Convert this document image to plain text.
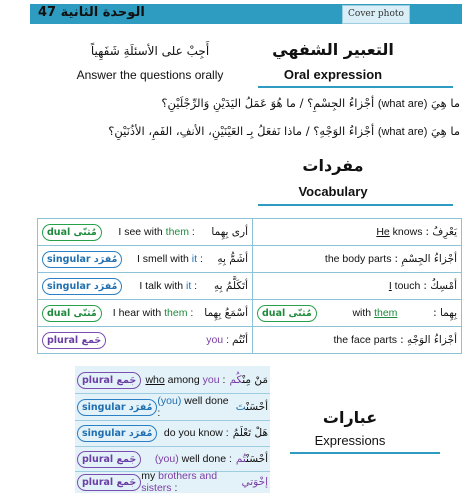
الوحدة الثانية 47	Cover photo
أَجِبْ على الأسئلَةِ شَفَهِياً
Answer the questions orally
التعبير الشفهي
Oral expression
ما هِيَ (what are) أجْزاءُ الجِسْمِ؟ / ما هُوَ عَمَلُ اليَدَيْنِ وَالرِّجْلَيْنِ؟
ما هِيَ (what are) أجْزاءُ الوَجْهِ؟ / ماذا نَفعَلُ بِـ العَيْنَيْنِ، الأنفِ، الفَمِ، الأذُنَيْنِ؟
مفردات
Vocabulary
dual مُثنّى I see with them : أرى بِهِما	He knows يَعْرِفُ :

singular مُفرَد I smell with it : أشَمُّ بِهِ	the body parts أجْزاءُ الجِسْمِ :

singular مُفرَد I talk with it : أتَكَلَّمُ بِهِ	I touch أمْسِكُ :

dual مُثنّى I hear with them : أسْمَعُ بِهِما	dual مُثنّى with them بِهِما :

plural جَمع you : أنْتُم	the face parts أجْزاءُ الوَجْهِ :
plural جَمع who among you :	مَنْ مِنْكُم
singular مُفرَد (you) well done :	أحْسَنْتَ
singular مُفرَد	do you know : هَلْ تَعْلَمُ
plural جَمع	(you) well done :	أحْسَنْتُم
plural جَمع my brothers and sisters :	إخْوَتي
عبارات
Expressions
